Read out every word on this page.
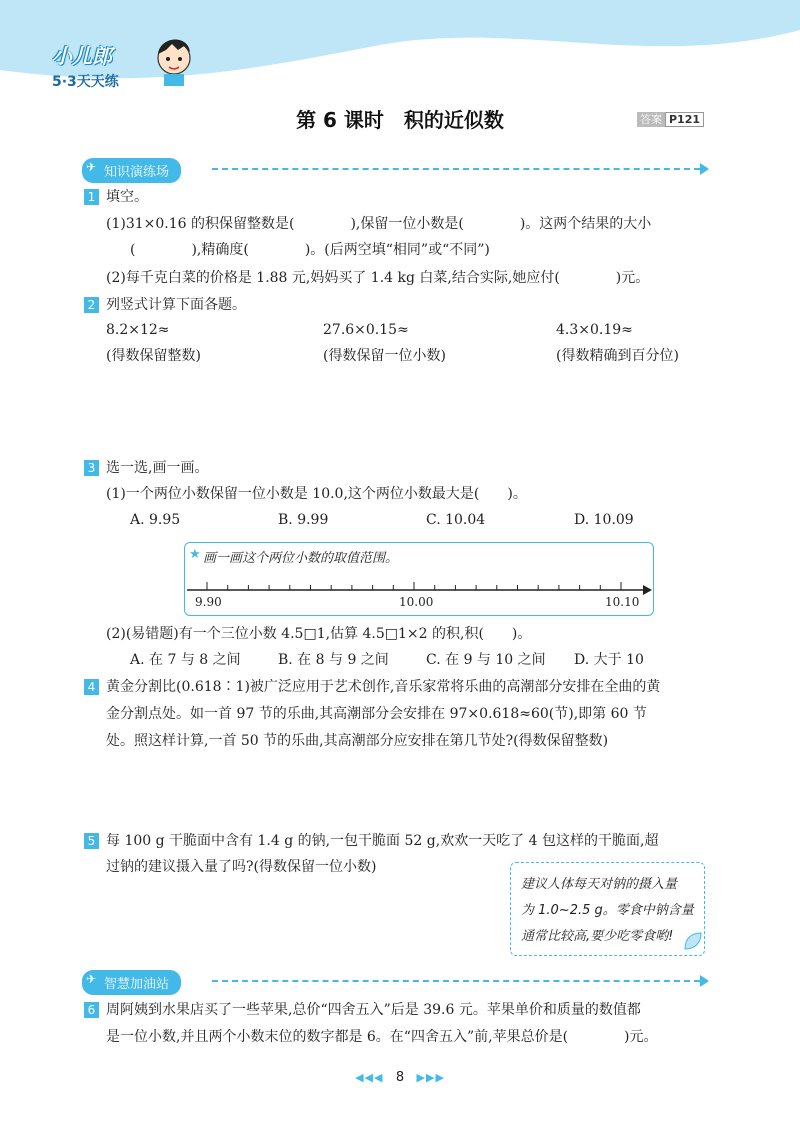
小儿郎
5·3天天练
第 6 课时　积的近似数	答案 P121
✈ 知识演练场
1 填空。
(1)31×0.16 的积保留整数是(　　　　),保留一位小数是(　　　　)。这两个结果的大小
(　　　　),精确度(　　　　)。(后两空填“相同”或“不同”)
(2)每千克白菜的价格是 1.88 元,妈妈买了 1.4 kg 白菜,结合实际,她应付(　　　　)元。
2 列竖式计算下面各题。
8.2×12≈
(得数保留整数)
27.6×0.15≈
(得数保留一位小数)
4.3×0.19≈
(得数精确到百分位)
3 选一选,画一画。
(1)一个两位小数保留一位小数是 10.0,这个两位小数最大是(　　)。
A. 9.95	B. 9.99	C. 10.04	D. 10.09
★ 画一画这个两位小数的取值范围。
9.90	10.00	10.10
(2)(易错题)有一个三位小数 4.5□1,估算 4.5□1×2 的积,积(　　)。
A. 在 7 与 8 之间	B. 在 8 与 9 之间	C. 在 9 与 10 之间 D. 大于 10
4 黄金分割比(0.618∶1)被广泛应用于艺术创作,音乐家常将乐曲的高潮部分安排在全曲的黄
金分割点处。如一首 97 节的乐曲,其高潮部分会安排在 97×0.618≈60(节),即第 60 节
处。照这样计算,一首 50 节的乐曲,其高潮部分应安排在第几节处?(得数保留整数)
5 每 100 g 干脆面中含有 1.4 g 的钠,一包干脆面 52 g,欢欢一天吃了 4 包这样的干脆面,超
过钠的建议摄入量了吗?(得数保留一位小数)
建议人体每天对钠的摄入量
为 1.0~2.5 g。零食中钠含量
通常比较高,要少吃零食哟!
✈ 智慧加油站
6 周阿姨到水果店买了一些苹果,总价“四舍五入”后是 39.6 元。苹果单价和质量的数值都
是一位小数,并且两个小数末位的数字都是 6。在“四舍五入”前,苹果总价是(　　　　)元。
◀◀◀ 8 ▶▶▶
